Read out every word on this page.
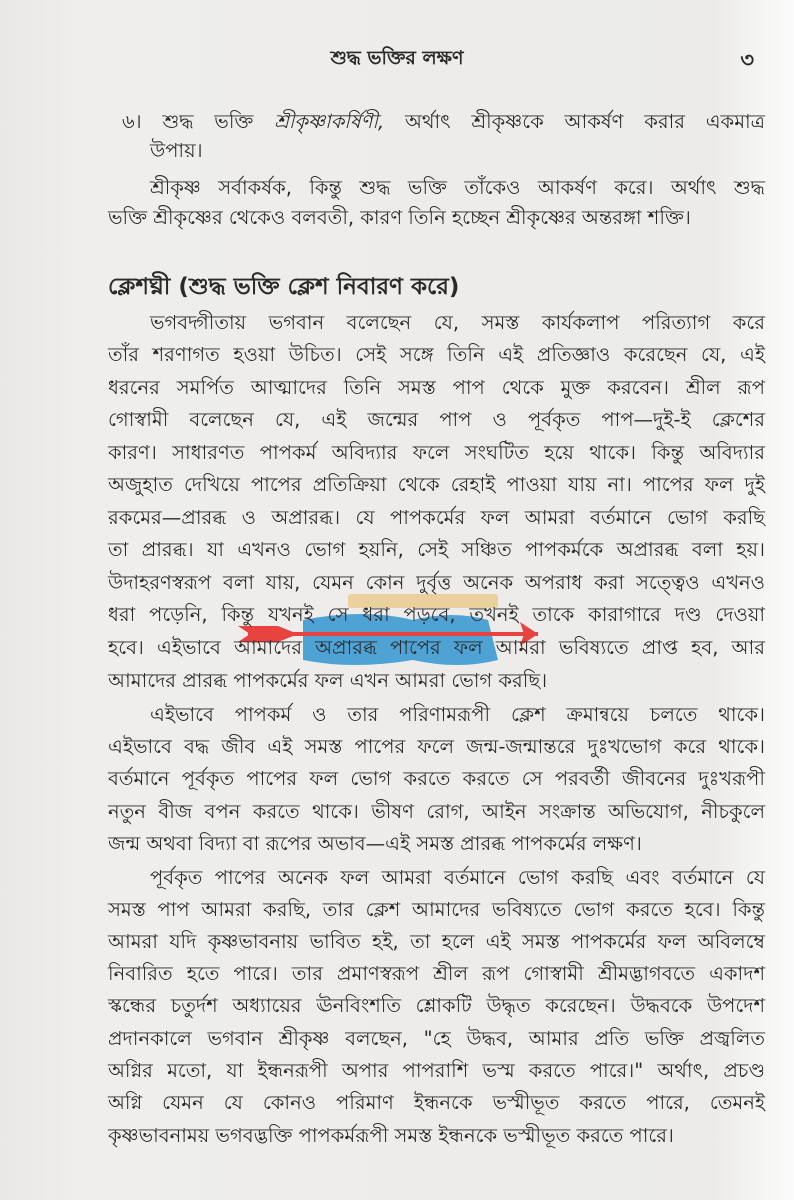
শুদ্ধ ভক্তির লক্ষণ	৩
৬। শুদ্ধ ভক্তি শ্রীকৃষ্ণাকর্ষিণী, অর্থাৎ শ্রীকৃষ্ণকে আকর্ষণ করার একমাত্র
উপায়।
শ্রীকৃষ্ণ সর্বাকর্ষক, কিন্তু শুদ্ধ ভক্তি তাঁকেও আকর্ষণ করে। অর্থাৎ শুদ্ধ
ভক্তি শ্রীকৃষ্ণের থেকেও বলবতী, কারণ তিনি হচ্ছেন শ্রীকৃষ্ণের অন্তরঙ্গা শক্তি।
ক্লেশঘ্নী (শুদ্ধ ভক্তি ক্লেশ নিবারণ করে)
ভগবদ্গীতায় ভগবান বলেছেন যে, সমস্ত কার্যকলাপ পরিত্যাগ করে
তাঁর শরণাগত হওয়া উচিত। সেই সঙ্গে তিনি এই প্রতিজ্ঞাও করেছেন যে, এই
ধরনের সমর্পিত আত্মাদের তিনি সমস্ত পাপ থেকে মুক্ত করবেন। শ্রীল রূপ
গোস্বামী বলেছেন যে, এই জন্মের পাপ ও পূর্বকৃত পাপ—দুই-ই ক্লেশের
কারণ। সাধারণত পাপকর্ম অবিদ্যার ফলে সংঘটিত হয়ে থাকে। কিন্তু অবিদ্যার
অজুহাত দেখিয়ে পাপের প্রতিক্রিয়া থেকে রেহাই পাওয়া যায় না। পাপের ফল দুই
রকমের—প্রারব্ধ ও অপ্রারব্ধ। যে পাপকর্মের ফল আমরা বর্তমানে ভোগ করছি
তা প্রারব্ধ। যা এখনও ভোগ হয়নি, সেই সঞ্চিত পাপকর্মকে অপ্রারব্ধ বলা হয়।
উদাহরণস্বরূপ বলা যায়, যেমন কোন দুর্বৃত্ত অনেক অপরাধ করা সত্ত্বেও এখনও
ধরা পড়েনি, কিন্তু যখনই সে ধরা পড়বে, তখনই তাকে কারাগারে দণ্ড দেওয়া
হবে। এইভাবে আমাদের অপ্রারব্ধ পাপের ফল আমরা ভবিষ্যতে প্রাপ্ত হব, আর
আমাদের প্রারব্ধ পাপকর্মের ফল এখন আমরা ভোগ করছি।
এইভাবে পাপকর্ম ও তার পরিণামরূপী ক্লেশ ক্রমান্বয়ে চলতে থাকে।
এইভাবে বদ্ধ জীব এই সমস্ত পাপের ফলে জন্ম-জন্মান্তরে দুঃখভোগ করে থাকে।
বর্তমানে পূর্বকৃত পাপের ফল ভোগ করতে করতে সে পরবর্তী জীবনের দুঃখরূপী
নতুন বীজ বপন করতে থাকে। ভীষণ রোগ, আইন সংক্রান্ত অভিযোগ, নীচকুলে
জন্ম অথবা বিদ্যা বা রূপের অভাব—এই সমস্ত প্রারব্ধ পাপকর্মের লক্ষণ।
পূর্বকৃত পাপের অনেক ফল আমরা বর্তমানে ভোগ করছি এবং বর্তমানে যে
সমস্ত পাপ আমরা করছি, তার ক্লেশ আমাদের ভবিষ্যতে ভোগ করতে হবে। কিন্তু
আমরা যদি কৃষ্ণভাবনায় ভাবিত হই, তা হলে এই সমস্ত পাপকর্মের ফল অবিলম্বে
নিবারিত হতে পারে। তার প্রমাণস্বরূপ শ্রীল রূপ গোস্বামী শ্রীমদ্ভাগবতে একাদশ
স্কন্ধের চতুর্দশ অধ্যায়ের ঊনবিংশতি শ্লোকটি উদ্ধৃত করেছেন। উদ্ধবকে উপদেশ
প্রদানকালে ভগবান শ্রীকৃষ্ণ বলছেন, "হে উদ্ধব, আমার প্রতি ভক্তি প্রজ্বলিত
অগ্নির মতো, যা ইন্ধনরূপী অপার পাপরাশি ভস্ম করতে পারে।" অর্থাৎ, প্রচণ্ড
অগ্নি যেমন যে কোনও পরিমাণ ইন্ধনকে ভস্মীভূত করতে পারে, তেমনই
কৃষ্ণভাবনাময় ভগবদ্ভক্তি পাপকর্মরূপী সমস্ত ইন্ধনকে ভস্মীভূত করতে পারে।
